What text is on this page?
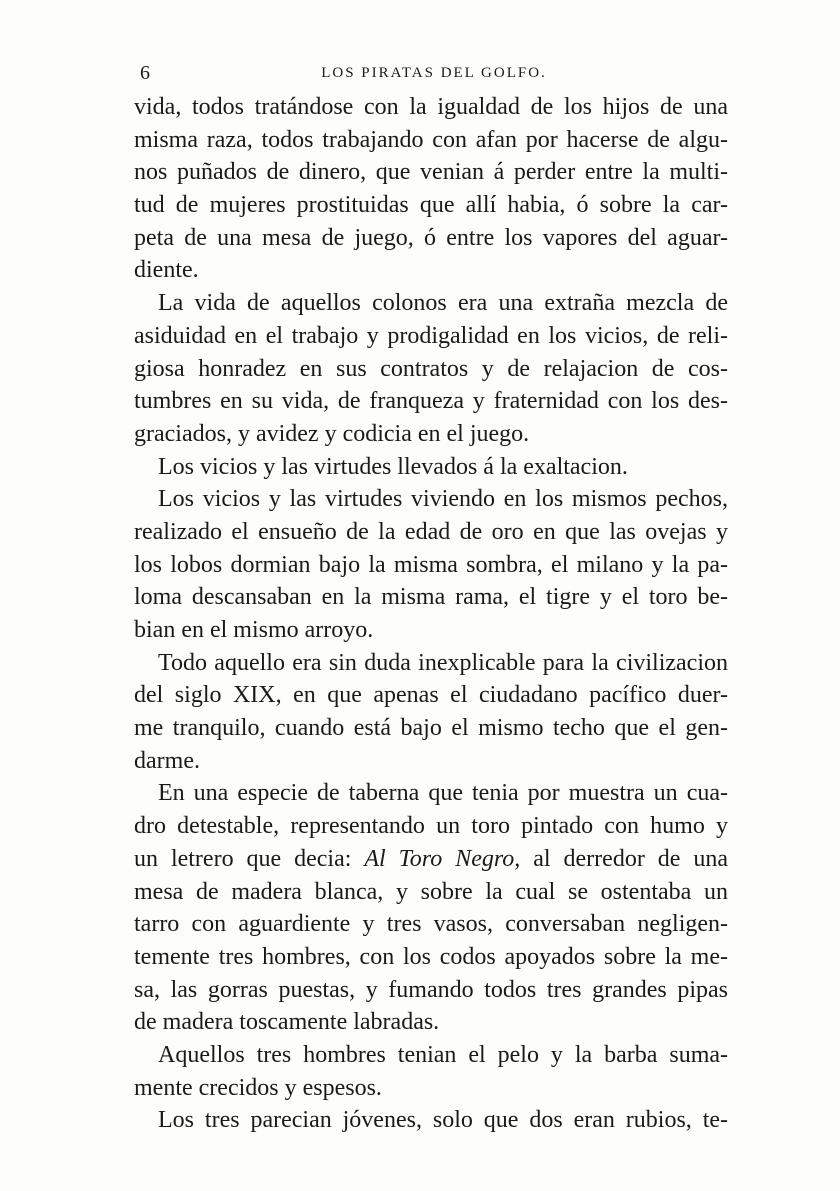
6	LOS PIRATAS DEL GOLFO.
vida, todos tratándose con la igualdad de los hijos de una
misma raza, todos trabajando con afan por hacerse de algu-
nos puñados de dinero, que venian á perder entre la multi-
tud de mujeres prostituidas que allí habia, ó sobre la car-
peta de una mesa de juego, ó entre los vapores del aguar-
diente.
La vida de aquellos colonos era una extraña mezcla de
asiduidad en el trabajo y prodigalidad en los vicios, de reli-
giosa honradez en sus contratos y de relajacion de cos-
tumbres en su vida, de franqueza y fraternidad con los des-
graciados, y avidez y codicia en el juego.
Los vicios y las virtudes llevados á la exaltacion.
Los vicios y las virtudes viviendo en los mismos pechos,
realizado el ensueño de la edad de oro en que las ovejas y
los lobos dormian bajo la misma sombra, el milano y la pa-
loma descansaban en la misma rama, el tigre y el toro be-
bian en el mismo arroyo.
Todo aquello era sin duda inexplicable para la civilizacion
del siglo XIX, en que apenas el ciudadano pacífico duer-
me tranquilo, cuando está bajo el mismo techo que el gen-
darme.
En una especie de taberna que tenia por muestra un cua-
dro detestable, representando un toro pintado con humo y
un letrero que decia: Al Toro Negro, al derredor de una
mesa de madera blanca, y sobre la cual se ostentaba un
tarro con aguardiente y tres vasos, conversaban negligen-
temente tres hombres, con los codos apoyados sobre la me-
sa, las gorras puestas, y fumando todos tres grandes pipas
de madera toscamente labradas.
Aquellos tres hombres tenian el pelo y la barba suma-
mente crecidos y espesos.
Los tres parecian jóvenes, solo que dos eran rubios, te-
